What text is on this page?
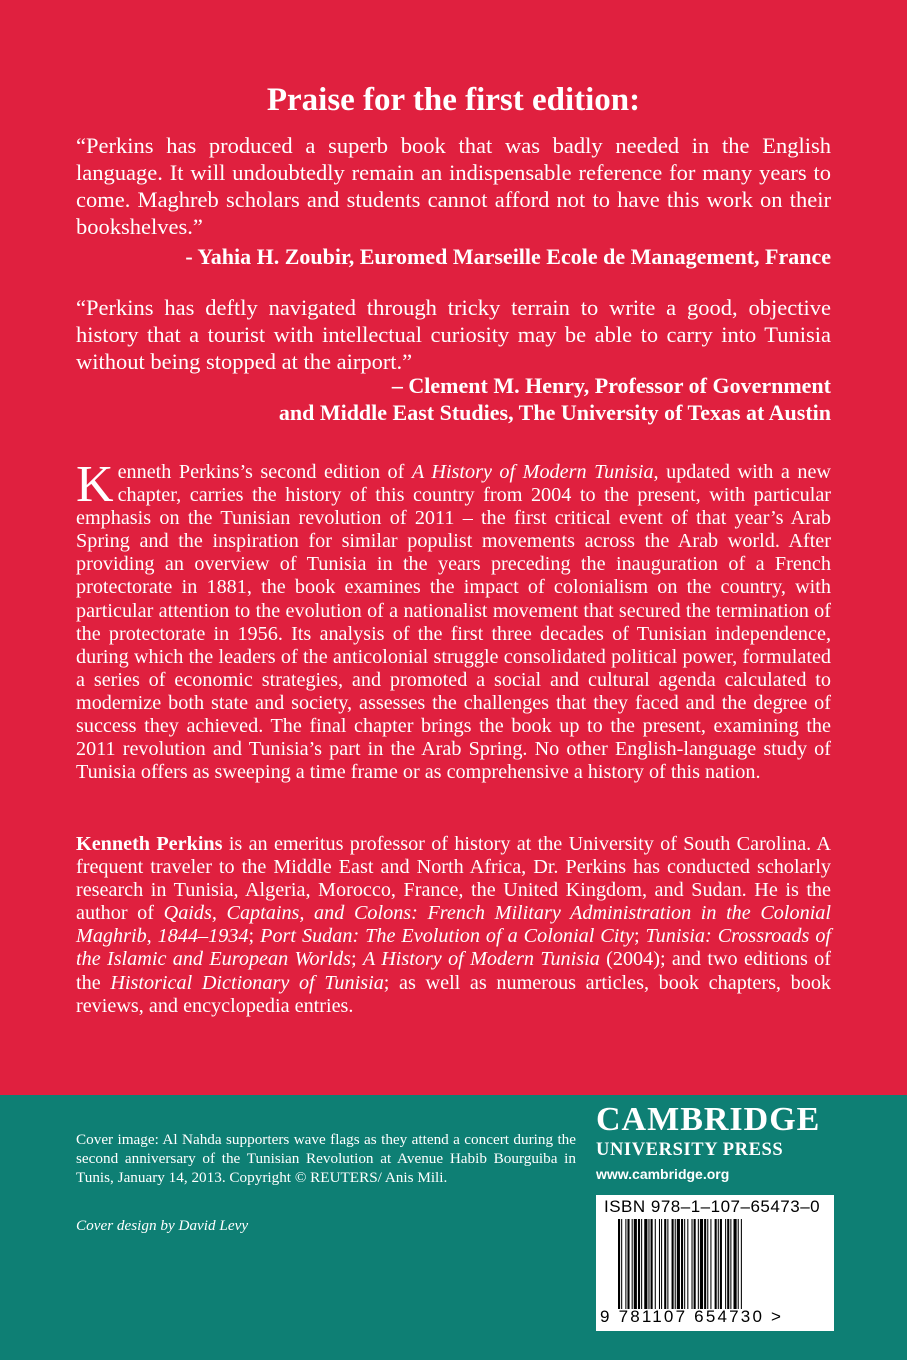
Praise for the first edition:
“Perkins has produced a superb book that was badly needed in the English language. It will undoubtedly remain an indispensable reference for many years to come. Maghreb scholars and students cannot afford not to have this work on their bookshelves.”
- Yahia H. Zoubir, Euromed Marseille Ecole de Management, France
“Perkins has deftly navigated through tricky terrain to write a good, objective history that a tourist with intellectual curiosity may be able to carry into Tunisia without being stopped at the airport.”
– Clement M. Henry, Professor of Government
and Middle East Studies, The University of Texas at Austin
Kenneth Perkins’s second edition of A History of Modern Tunisia, updated with a new chapter, carries the history of this country from 2004 to the present, with particular emphasis on the Tunisian revolution of 2011 – the first critical event of that year’s Arab Spring and the inspiration for similar populist movements across the Arab world. After providing an overview of Tunisia in the years preceding the inauguration of a French protectorate in 1881, the book examines the impact of colonialism on the country, with particular attention to the evolution of a nationalist movement that secured the termination of the protectorate in 1956. Its analysis of the first three decades of Tunisian independence, during which the leaders of the anticolonial struggle consolidated political power, formulated a series of economic strategies, and promoted a social and cultural agenda calculated to modernize both state and society, assesses the challenges that they faced and the degree of success they achieved. The final chapter brings the book up to the present, examining the 2011 revolution and Tunisia’s part in the Arab Spring. No other English-language study of Tunisia offers as sweeping a time frame or as comprehensive a history of this nation.
Kenneth Perkins is an emeritus professor of history at the University of South Carolina. A frequent traveler to the Middle East and North Africa, Dr. Perkins has conducted scholarly research in Tunisia, Algeria, Morocco, France, the United Kingdom, and Sudan. He is the author of Qaids, Captains, and Colons: French Military Administration in the Colonial Maghrib, 1844–1934; Port Sudan: The Evolution of a Colonial City; Tunisia: Crossroads of the Islamic and European Worlds; A History of Modern Tunisia (2004); and two editions of the Historical Dictionary of Tunisia; as well as numerous articles, book chapters, book reviews, and encyclopedia entries.
Cover image: Al Nahda supporters wave flags as they attend a concert during the second anniversary of the Tunisian Revolution at Avenue Habib Bourguiba in Tunis, January 14, 2013. Copyright © REUTERS/ Anis Mili.
Cover design by David Levy
CAMBRIDGE
UNIVERSITY PRESS
www.cambridge.org
ISBN 978–1–107–65473–0
9 781107 654730 >
